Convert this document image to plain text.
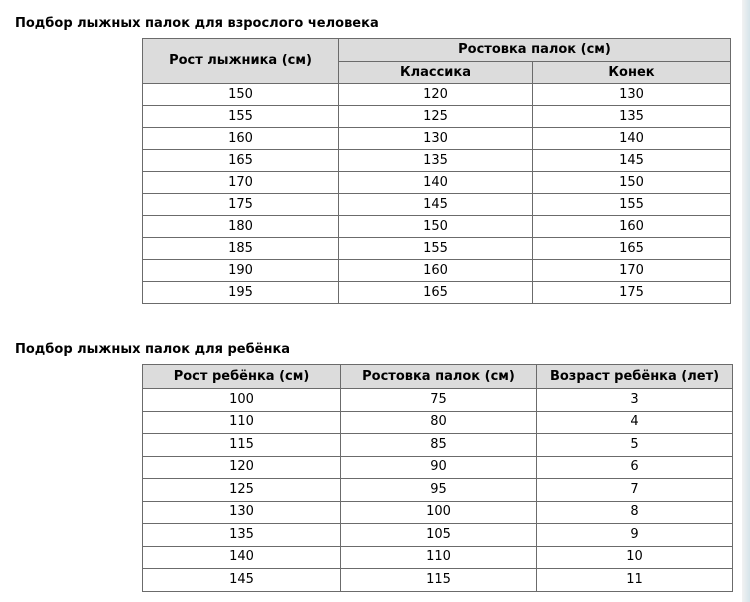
Подбор лыжных палок для взрослого человека
Рост лыжника (см)	Ростовка палок (см)	
	Классика	Конек
150	120	130
155	125	135
160	130	140
165	135	145
170	140	150
175	145	155
180	150	160
185	155	165
190	160	170
195	165	175
Подбор лыжных палок для ребёнка
Рост ребёнка (см)	Ростовка палок (см)	Возраст ребёнка (лет)
100	75	3
110	80	4
115	85	5
120	90	6
125	95	7
130	100	8
135	105	9
140	110	10
145	115	11
